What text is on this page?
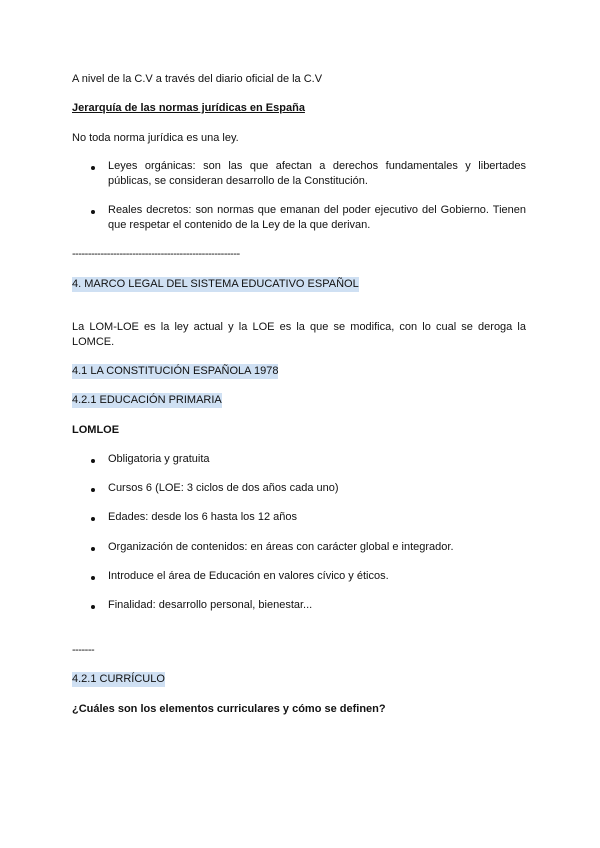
A nivel de la C.V a través del diario oficial de la C.V
Jerarquía de las normas jurídicas en España
No toda norma jurídica es una ley.
Leyes orgánicas: son las que afectan a derechos fundamentales y libertades públicas, se consideran desarrollo de la Constitución.
Reales decretos: son normas que emanan del poder ejecutivo del Gobierno. Tienen que respetar el contenido de la Ley de la que derivan.
-----------------------------------------------------
4. MARCO LEGAL DEL SISTEMA EDUCATIVO ESPAÑOL
La LOM-LOE es la ley actual y la LOE es la que se modifica, con lo cual se deroga la LOMCE.
4.1 LA CONSTITUCIÓN ESPAÑOLA 1978
4.2.1 EDUCACIÓN PRIMARIA
LOMLOE
Obligatoria y gratuita
Cursos 6 (LOE: 3 ciclos de dos años cada uno)
Edades: desde los 6 hasta los 12 años
Organización de contenidos: en áreas con carácter global e integrador.
Introduce el área de Educación en valores cívico y éticos.
Finalidad: desarrollo personal, bienestar...
-------
4.2.1 CURRÍCULO
¿Cuáles son los elementos curriculares y cómo se definen?
